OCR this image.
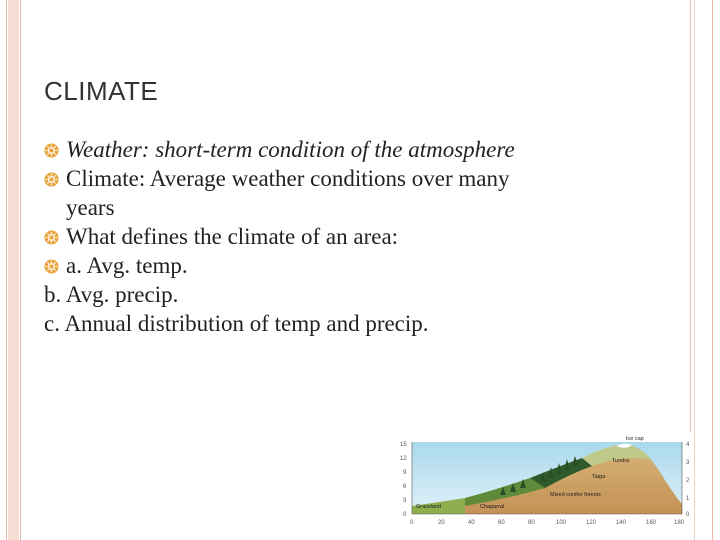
CLIMATE
Weather: short-term condition of the atmosphere
Climate: Average weather conditions over many
years
What defines the climate of an area:
a. Avg. temp.
b. Avg. precip.
c. Annual distribution of temp and precip.
15
12
9
6
3
0
4
3
2
1
0
0	20	40	60	80	100	120	140	160	180
Ice cap
Tundra
Taiga
Mixed conifer forests
Grassland	Chaparral
